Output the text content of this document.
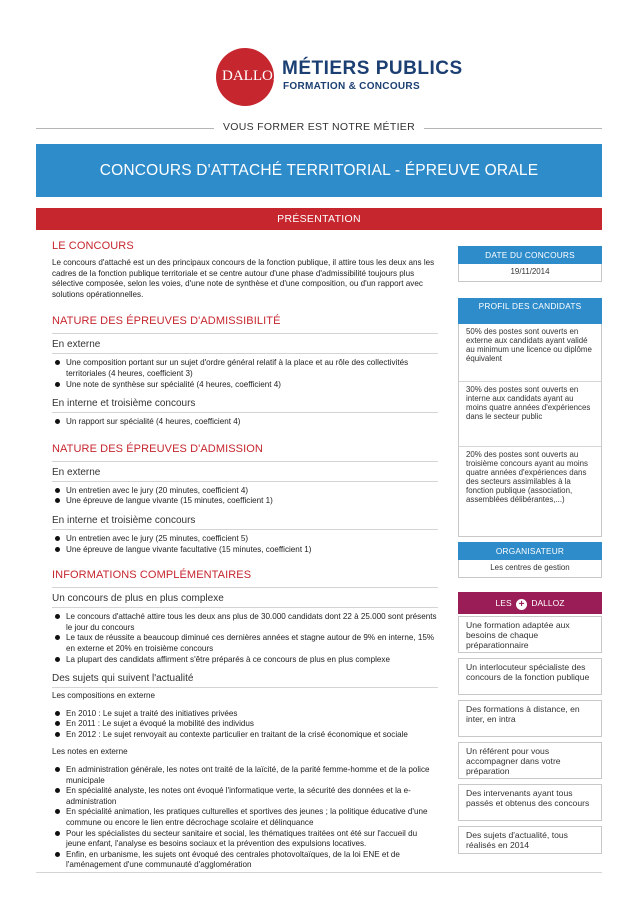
DALLOZ MÉTIERS PUBLICS
FORMATION & CONCOURS
VOUS FORMER EST NOTRE MÉTIER
CONCOURS D'ATTACHÉ TERRITORIAL - ÉPREUVE ORALE
PRÉSENTATION
LE CONCOURS
Le concours d'attaché est un des principaux concours de la fonction publique, il attire tous les deux ans les cadres de la fonction publique territoriale et se centre autour d'une phase d'admissibilité toujours plus sélective composée, selon les voies, d'une note de synthèse et d'une composition, ou d'un rapport avec solutions opérationnelles.
NATURE DES ÉPREUVES D'ADMISSIBILITÉ
En externe
Une composition portant sur un sujet d'ordre général relatif à la place et au rôle des collectivités territoriales (4 heures, coefficient 3)
Une note de synthèse sur spécialité (4 heures, coefficient 4)
En interne et troisième concours
Un rapport sur spécialité (4 heures, coefficient 4)
NATURE DES ÉPREUVES D'ADMISSION
En externe
Un entretien avec le jury (20 minutes, coefficient 4)
Une épreuve de langue vivante (15 minutes, coefficient 1)
En interne et troisième concours
Un entretien avec le jury (25 minutes, coefficient 5)
Une épreuve de langue vivante facultative (15 minutes, coefficient 1)
INFORMATIONS COMPLÉMENTAIRES
Un concours de plus en plus complexe
Le concours d'attaché attire tous les deux ans plus de 30.000 candidats dont 22 à 25.000 sont présents le jour du concours
Le taux de réussite a beaucoup diminué ces dernières années et stagne autour de 9% en interne, 15% en externe et 20% en troisième concours
La plupart des candidats affirment s'être préparés à ce concours de plus en plus complexe
Des sujets qui suivent l'actualité
Les compositions en externe
En 2010 : Le sujet a traité des initiatives privées
En 2011 : Le sujet a évoqué la mobilité des individus
En 2012 : Le sujet renvoyait au contexte particulier en traitant de la crisé économique et sociale
Les notes en externe
En administration générale, les notes ont traité de la laïcité, de la parité femme-homme et de la police municipale
En spécialité analyste, les notes ont évoqué l'informatique verte, la sécurité des données et la e-administration
En spécialité animation, les pratiques culturelles et sportives des jeunes ; la politique éducative d'une commune ou encore le lien entre décrochage scolaire et délinquance
Pour les spécialistes du secteur sanitaire et social, les thématiques traitées ont été sur l'accueil du jeune enfant, l'analyse es besoins sociaux et la prévention des expulsions locatives.
Enfin, en urbanisme, les sujets ont évoqué des centrales photovoltaïques, de la loi ENE et de l'aménagement d'une communauté d'agglomération
DATE DU CONCOURS
19/11/2014
PROFIL DES CANDIDATS
50% des postes sont ouverts en externe aux candidats ayant validé au minimum une licence ou diplôme équivalent
30% des postes sont ouverts en interne aux candidats ayant au moins quatre années d'expériences dans le secteur public
20% des postes sont ouverts au troisième concours ayant au moins quatre années d'expériences dans des secteurs assimilables à la fonction publique (association, assemblées délibérantes,...)
ORGANISATEUR
Les centres de gestion
LES + DALLOZ
Une formation adaptée aux besoins de chaque préparationnaire
Un interlocuteur spécialiste des concours de la fonction publique
Des formations à distance, en inter, en intra
Un référent pour vous accompagner dans votre préparation
Des intervenants ayant tous passés et obtenus des concours
Des sujets d'actualité, tous réalisés en 2014
